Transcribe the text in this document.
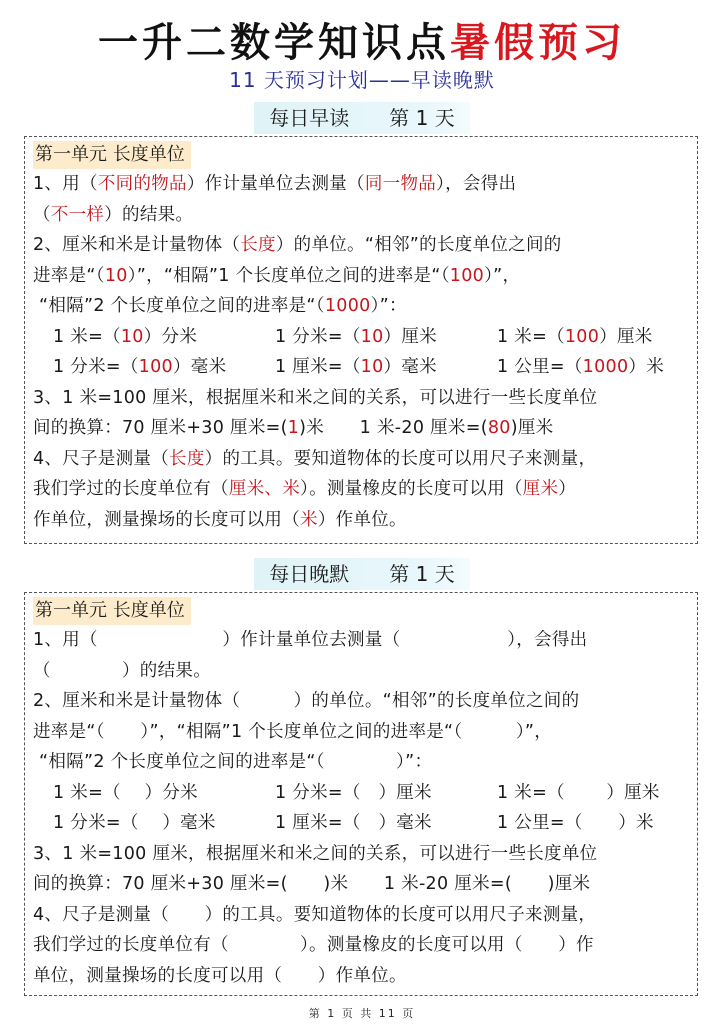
一升二数学知识点暑假预习
11 天预习计划——早读晚默
每日早读 第 1 天
第一单元 长度单位
1、用（不同的物品）作计量单位去测量（同一物品），会得出
（不一样）的结果。
2、厘米和米是计量物体（长度）的单位。“相邻”的长度单位之间的
进率是“（10）”，“相隔”1 个长度单位之间的进率是“（100）”，
“相隔”2 个长度单位之间的进率是“（1000）”：
1 米=（10）分米	1 分米=（10）厘米	1 米=（100）厘米
1 分米=（100）毫米	1 厘米=（10）毫米	1 公里=（1000）米
3、1 米=100 厘米，根据厘米和米之间的关系，可以进行一些长度单位
间的换算：70 厘米+30 厘米=(1)米　　1 米-20 厘米=(80)厘米
4、尺子是测量（长度）的工具。要知道物体的长度可以用尺子来测量，
我们学过的长度单位有（厘米、米）。测量橡皮的长度可以用（厘米）
作单位，测量操场的长度可以用（米）作单位。
每日晚默 第 1 天
第一单元 长度单位
1、用（　　　　　　　）作计量单位去测量（　　　　　　），会得出
（　　　　）的结果。
2、厘米和米是计量物体（　　　）的单位。“相邻”的长度单位之间的
进率是“（　　）”，“相隔”1 个长度单位之间的进率是“（　　　）”，
“相隔”2 个长度单位之间的进率是“（　　　　）”：
1 米=（　 ）分米	1 分米=（　）厘米	1 米=（　　 ）厘米
1 分米=（　 ）毫米	1 厘米=（　）毫米	1 公里=（　　）米
3、1 米=100 厘米，根据厘米和米之间的关系，可以进行一些长度单位
间的换算：70 厘米+30 厘米=(　　)米　　1 米-20 厘米=(　　)厘米
4、尺子是测量（　　）的工具。要知道物体的长度可以用尺子来测量，
我们学过的长度单位有（　　　　）。测量橡皮的长度可以用（　　）作
单位，测量操场的长度可以用（　　）作单位。
第 1 页 共 11 页
